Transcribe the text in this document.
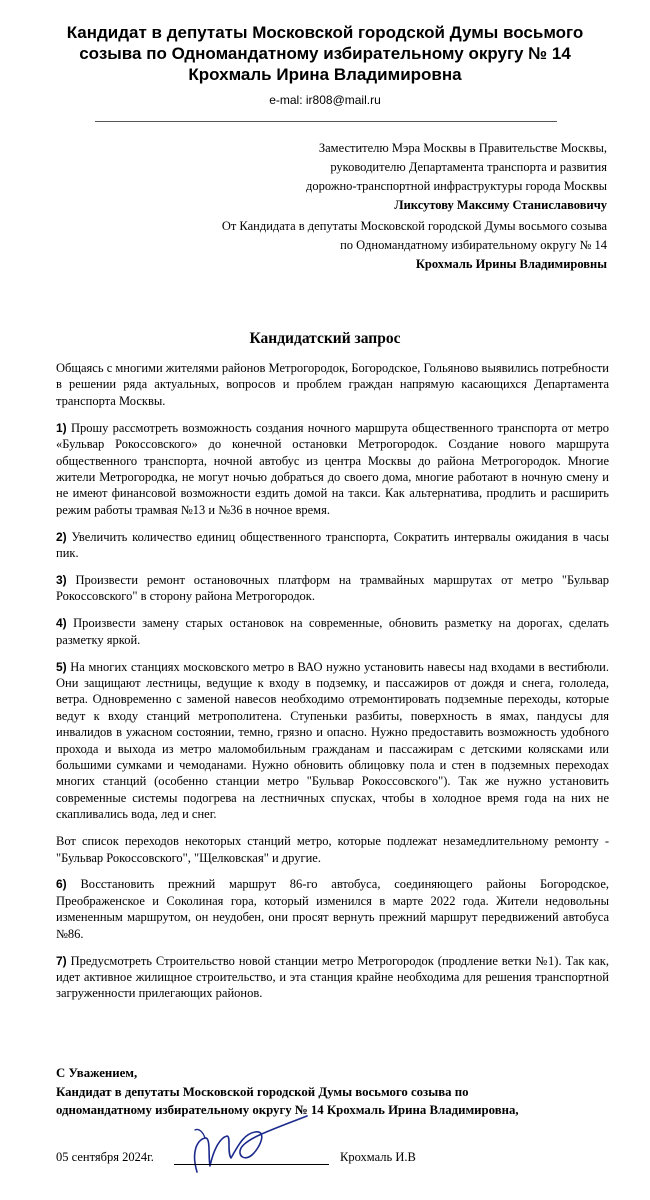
Кандидат в депутаты Московской городской Думы восьмого
созыва по Одномандатному избирательному округу № 14
Крохмаль Ирина Владимировна
e-mal: ir808@mail.ru
Заместителю Мэра Москвы в Правительстве Москвы,
руководителю Департамента транспорта и развития
дорожно-транспортной инфраструктуры города Москвы
Ликсутову Максиму Станиславовичу
От Кандидата в депутаты Московской городской Думы восьмого созыва
по Одномандатному избирательному округу № 14
Крохмаль Ирины Владимировны
Кандидатский запрос

Общаясь с многими жителями районов Метрогородок, Богородское, Гольяново выявились потребности в решении ряда актуальных, вопросов и проблем граждан напрямую касающихся Департамента транспорта Москвы.

1) Прошу рассмотреть возможность создания ночного маршрута общественного транспорта от метро «Бульвар Рокоссовского» до конечной остановки Метрогородок. Создание нового маршрута общественного транспорта, ночной автобус из центра Москвы до района Метрогородок. Многие жители Метрогородка, не могут ночью добраться до своего дома, многие работают в ночную смену и не имеют финансовой возможности ездить домой на такси. Как альтернатива, продлить и расширить режим работы трамвая №13 и №36 в ночное время.

2) Увеличить количество единиц общественного транспорта, Сократить интервалы ожидания в часы пик.

3) Произвести ремонт остановочных платформ на трамвайных маршрутах от метро "Бульвар Рокоссовского" в сторону района Метрогородок.

4) Произвести замену старых остановок на современные, обновить разметку на дорогах, сделать разметку яркой.

5) На многих станциях московского метро в ВАО нужно установить навесы над входами в вестибюли. Они защищают лестницы, ведущие к входу в подземку, и пассажиров от дождя и снега, гололеда, ветра. Одновременно с заменой навесов необходимо отремонтировать подземные переходы, которые ведут к входу станций метрополитена. Ступеньки разбиты, поверхность в ямах, пандусы для инвалидов в ужасном состоянии, темно, грязно и опасно. Нужно предоставить возможность удобного прохода и выхода из метро маломобильным гражданам и пассажирам с детскими колясками или большими сумками и чемоданами. Нужно обновить облицовку пола и стен в подземных переходах многих станций (особенно станции метро "Бульвар Рокоссовского"). Так же нужно установить современные системы подогрева на лестничных спусках, чтобы в холодное время года на них не скапливались вода, лед и снег.

Вот список переходов некоторых станций метро, которые подлежат незамедлительному ремонту - "Бульвар Рокоссовского", "Щелковская" и другие.

6) Восстановить прежний маршрут 86-го автобуса, соединяющего районы Богородское, Преображенское и Соколиная гора, который изменился в марте 2022 года. Жители недовольны измененным маршрутом, он неудобен, они просят вернуть прежний маршрут передвижений автобуса №86.

7) Предусмотреть Строительство новой станции метро Метрогородок (продление ветки №1). Так как, идет активное жилищное строительство, и эта станция крайне необходима для решения транспортной загруженности прилегающих районов.

С Уважением,
Кандидат в депутаты Московской городской Думы восьмого созыва по
одномандатному избирательному округу № 14 Крохмаль Ирина Владимировна,
05 сентября 2024г.	Крохмаль И.В
